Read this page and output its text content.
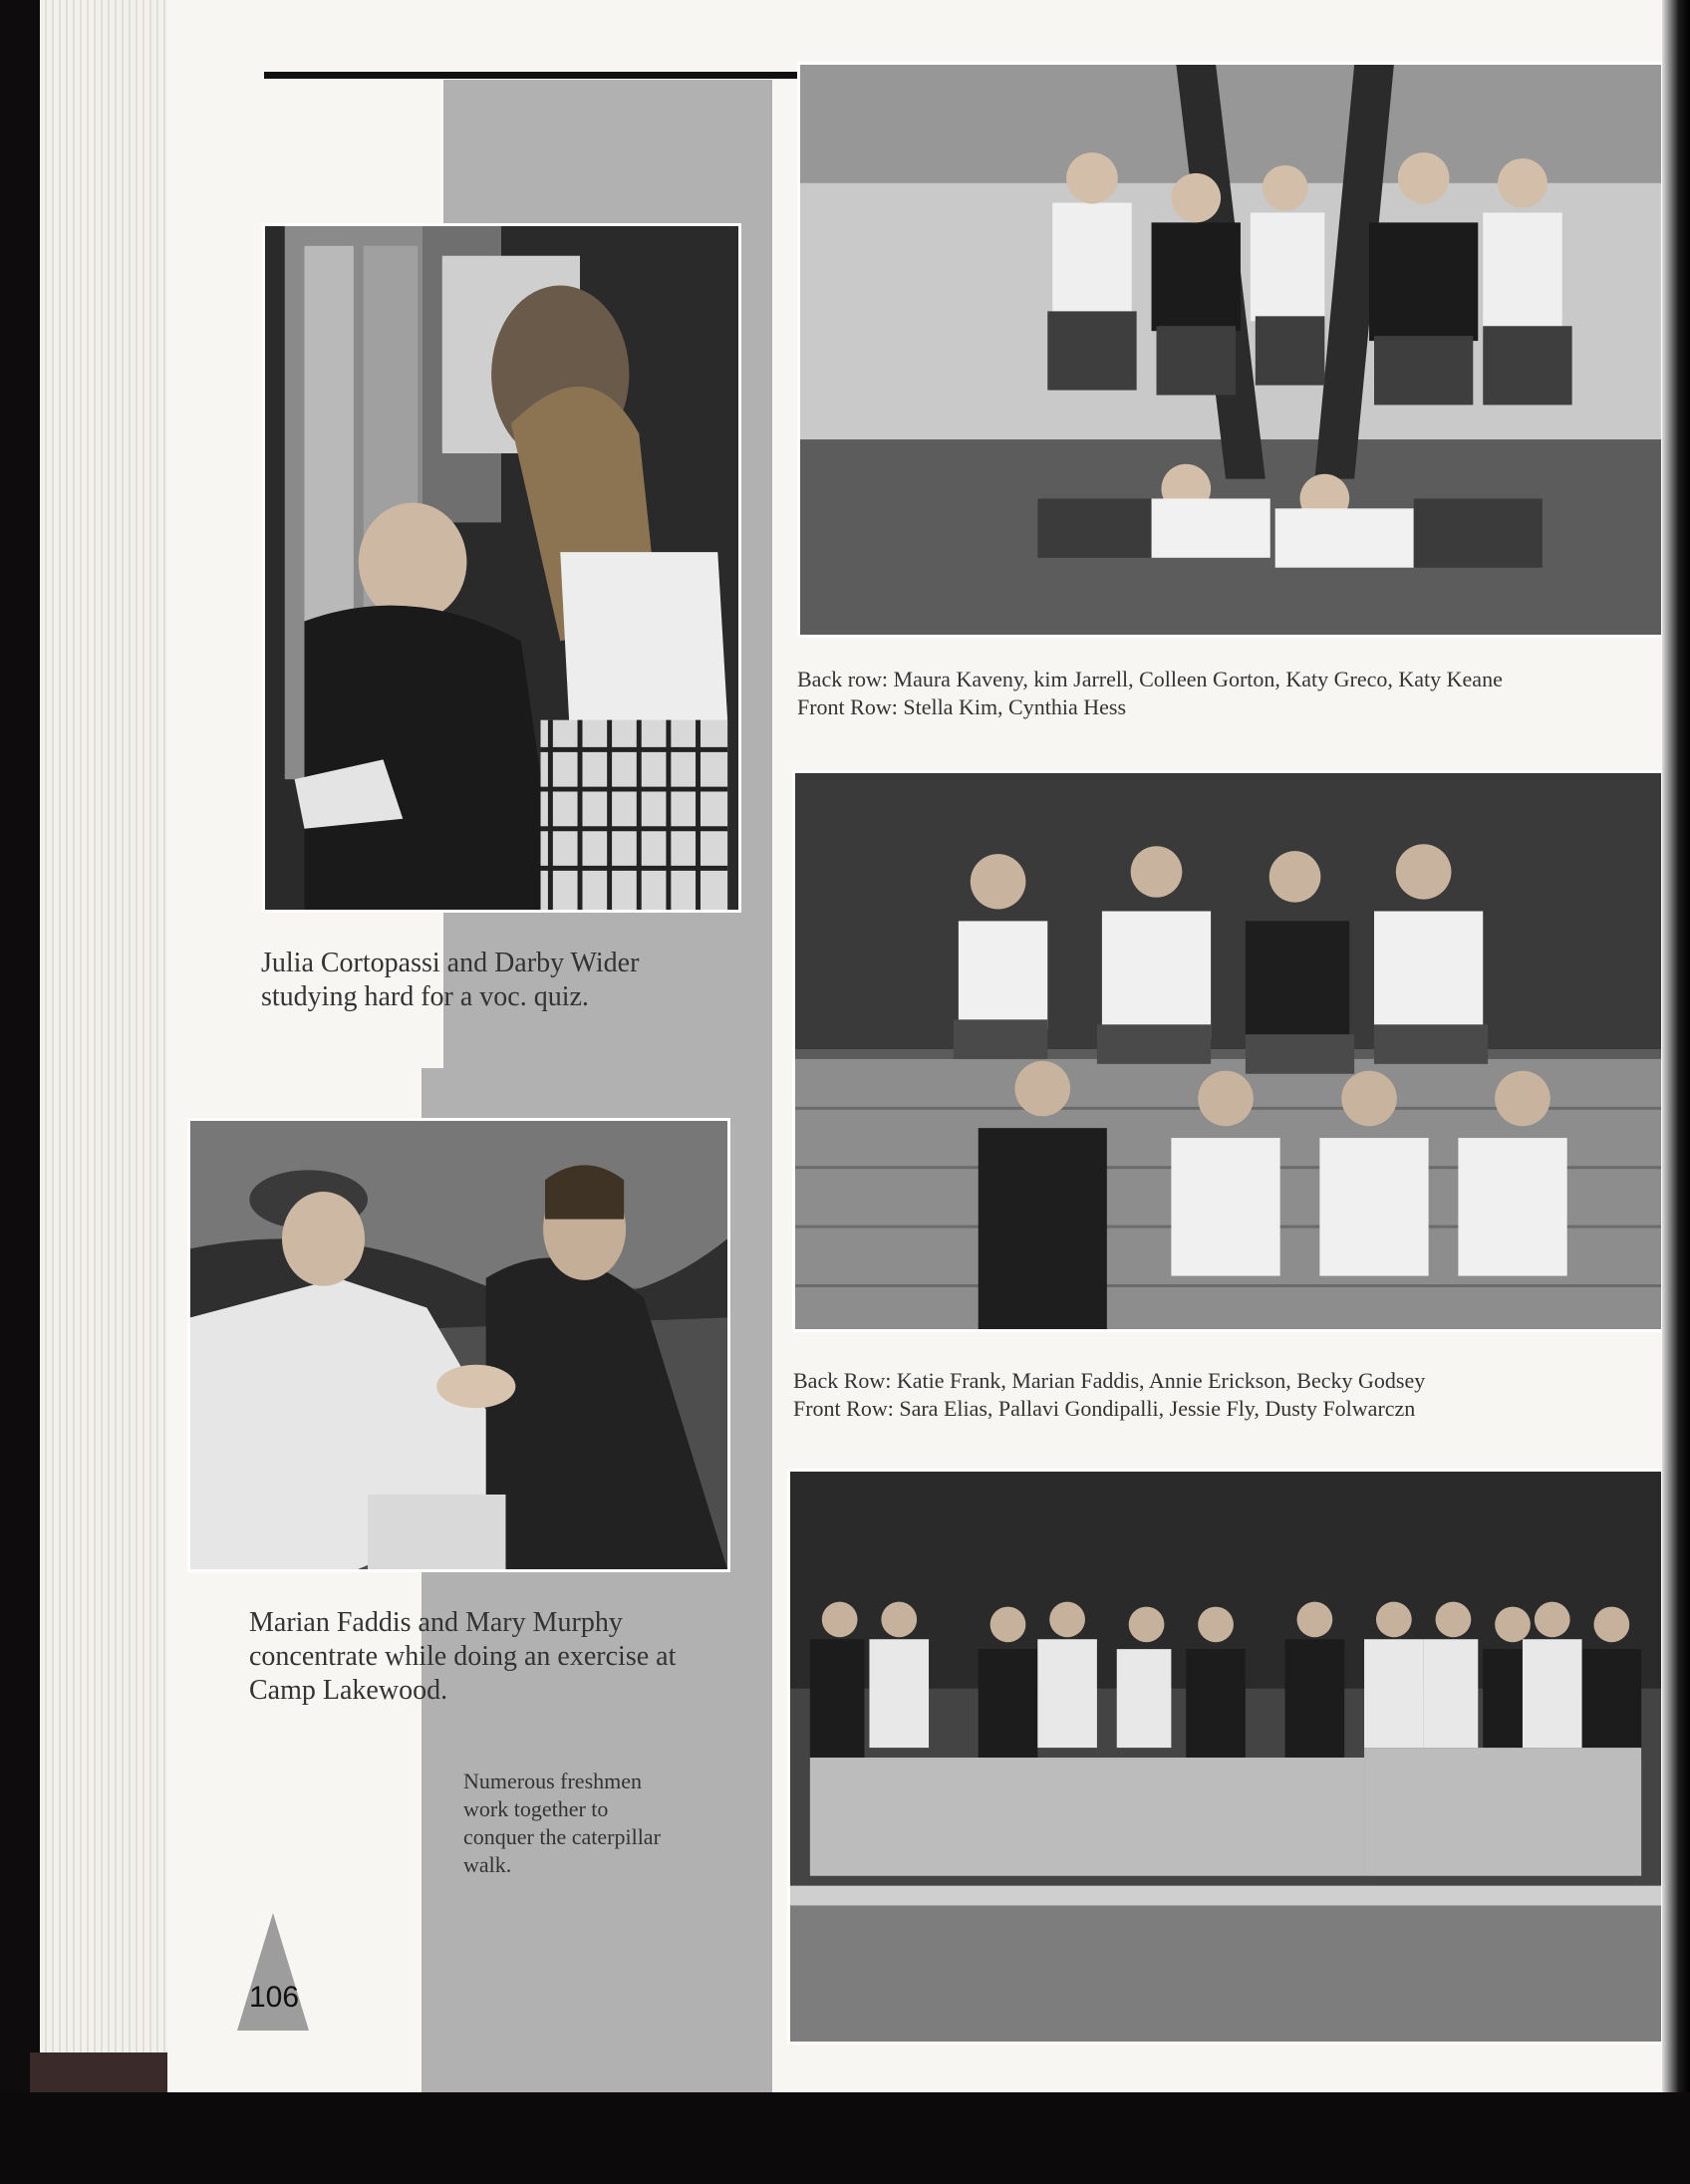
Julia Cortopassi and Darby Wider
studying hard for a voc. quiz.
Back row: Maura Kaveny, kim Jarrell, Colleen Gorton, Katy Greco, Katy Keane
Front Row: Stella Kim, Cynthia Hess
Back Row: Katie Frank, Marian Faddis, Annie Erickson, Becky Godsey
Front Row: Sara Elias, Pallavi Gondipalli, Jessie Fly, Dusty Folwarczn
Marian Faddis and Mary Murphy
concentrate while doing an exercise at
Camp Lakewood.
Numerous freshmen
work together to
conquer the caterpillar
walk.
106
